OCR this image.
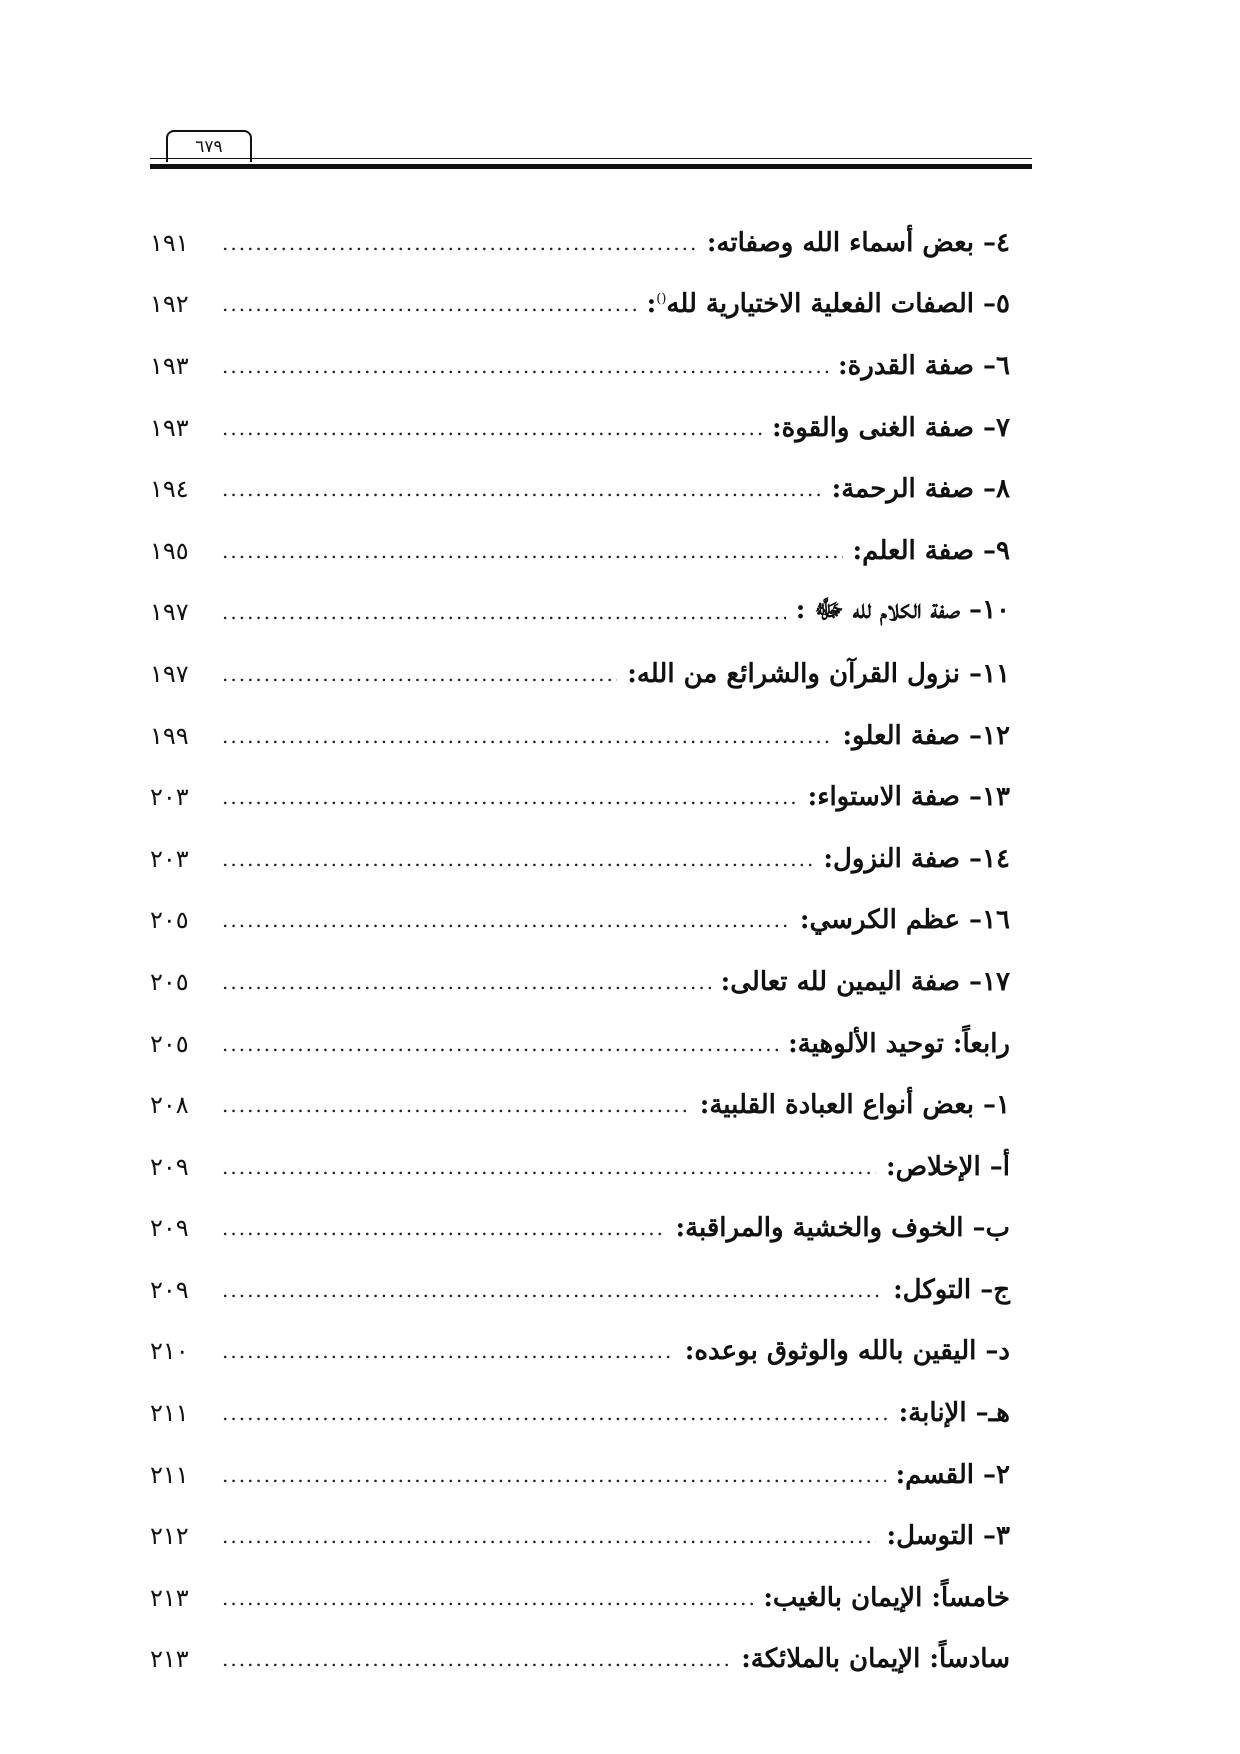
٦٧٩
٤– بعض أسماء الله وصفاته:
.....
١٩١
٥– الصفات الفعلية الاختيارية لله():
.....
١٩٢
٦– صفة القدرة:
.....
١٩٣
٧– صفة الغنى والقوة:
.....
١٩٣
٨– صفة الرحمة:
.....
١٩٤
٩– صفة العلم:
.....
١٩٥
١٠– صفة الكلام لله ﷻ :
.....
١٩٧
١١– نزول القرآن والشرائع من الله:
.....
١٩٧
١٢– صفة العلو:
.....
١٩٩
١٣– صفة الاستواء:
.....
٢٠٣
١٤– صفة النزول:
.....
٢٠٣
١٦– عظم الكرسي:
.....
٢٠٥
١٧– صفة اليمين لله تعالى:
.....
٢٠٥
رابعاً: توحيد الألوهية:
.....
٢٠٥
١– بعض أنواع العبادة القلبية:
.....
٢٠٨
أ– الإخلاص:
.....
٢٠٩
ب– الخوف والخشية والمراقبة:
.....
٢٠٩
ج– التوكل:
.....
٢٠٩
د– اليقين بالله والوثوق بوعده:
.....
٢١٠
هـ– الإنابة:
.....
٢١١
٢– القسم:
.....
٢١١
٣– التوسل:
.....
٢١٢
خامساً: الإيمان بالغيب:
.....
٢١٣
سادساً: الإيمان بالملائكة:
.....
٢١٣
